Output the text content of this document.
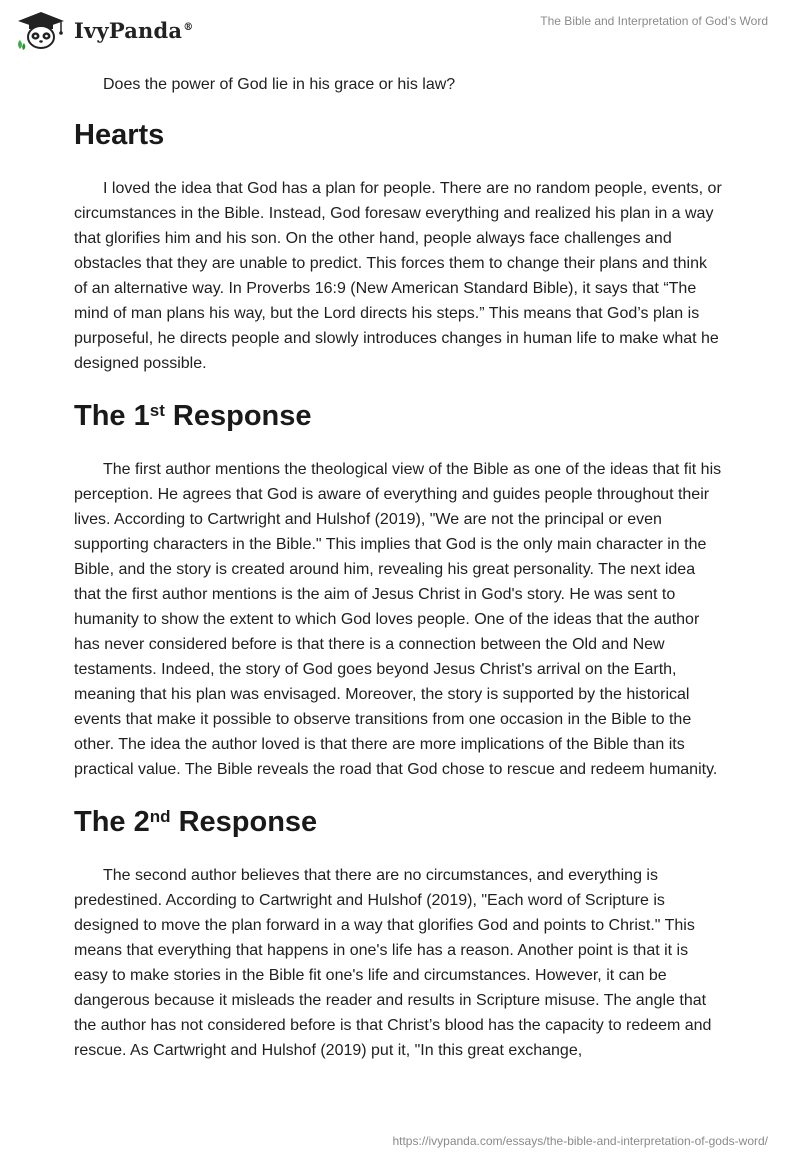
IvyPanda®	The Bible and Interpretation of God’s Word

Does the power of God lie in his grace or his law?

Hearts

I loved the idea that God has a plan for people. There are no random people, events, or circumstances in the Bible. Instead, God foresaw everything and realized his plan in a way that glorifies him and his son. On the other hand, people always face challenges and obstacles that they are unable to predict. This forces them to change their plans and think of an alternative way. In Proverbs 16:9 (New American Standard Bible), it says that “The mind of man plans his way, but the Lord directs his steps.” This means that God’s plan is purposeful, he directs people and slowly introduces changes in human life to make what he designed possible.

The 1st Response

The first author mentions the theological view of the Bible as one of the ideas that fit his perception. He agrees that God is aware of everything and guides people throughout their lives. According to Cartwright and Hulshof (2019), "We are not the principal or even supporting characters in the Bible." This implies that God is the only main character in the Bible, and the story is created around him, revealing his great personality. The next idea that the first author mentions is the aim of Jesus Christ in God's story. He was sent to humanity to show the extent to which God loves people. One of the ideas that the author has never considered before is that there is a connection between the Old and New testaments. Indeed, the story of God goes beyond Jesus Christ's arrival on the Earth, meaning that his plan was envisaged. Moreover, the story is supported by the historical events that make it possible to observe transitions from one occasion in the Bible to the other. The idea the author loved is that there are more implications of the Bible than its practical value. The Bible reveals the road that God chose to rescue and redeem humanity.

The 2nd Response

The second author believes that there are no circumstances, and everything is predestined. According to Cartwright and Hulshof (2019), "Each word of Scripture is designed to move the plan forward in a way that glorifies God and points to Christ." This means that everything that happens in one's life has a reason. Another point is that it is easy to make stories in the Bible fit one's life and circumstances. However, it can be dangerous because it misleads the reader and results in Scripture misuse. The angle that the author has not considered before is that Christ’s blood has the capacity to redeem and rescue. As Cartwright and Hulshof (2019) put it, "In this great exchange,

https://ivypanda.com/essays/the-bible-and-interpretation-of-gods-word/
